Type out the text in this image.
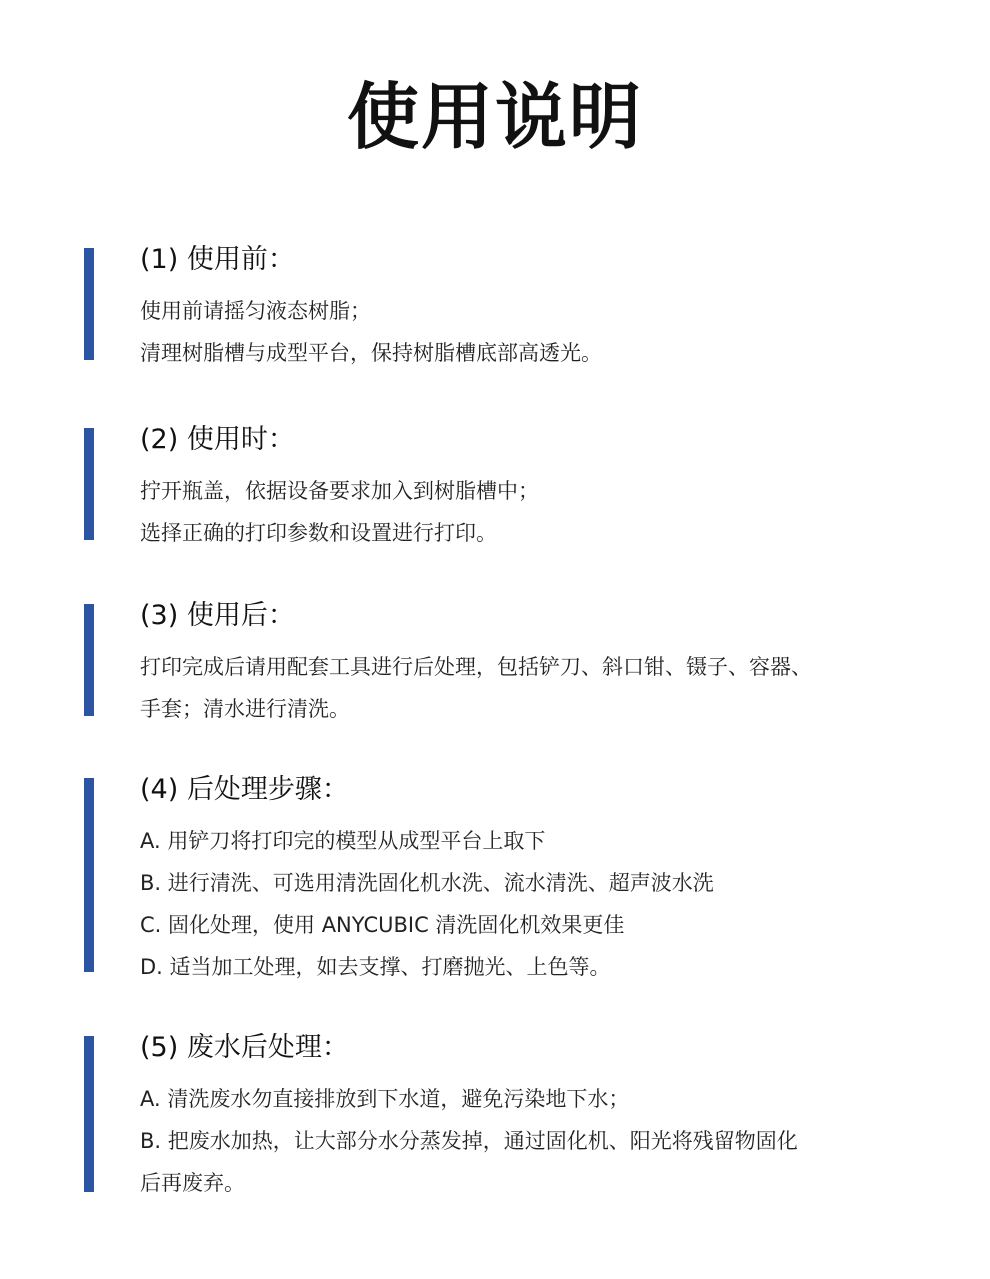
使用说明
(1) 使用前：
使用前请摇匀液态树脂；
清理树脂槽与成型平台，保持树脂槽底部高透光。
(2) 使用时：
拧开瓶盖，依据设备要求加入到树脂槽中；
选择正确的打印参数和设置进行打印。
(3) 使用后：
打印完成后请用配套工具进行后处理，包括铲刀、斜口钳、镊子、容器、
手套；清水进行清洗。
(4) 后处理步骤：
A. 用铲刀将打印完的模型从成型平台上取下
B. 进行清洗、可选用清洗固化机水洗、流水清洗、超声波水洗
C. 固化处理，使用 ANYCUBIC 清洗固化机效果更佳
D. 适当加工处理，如去支撑、打磨抛光、上色等。
(5) 废水后处理：
A. 清洗废水勿直接排放到下水道，避免污染地下水；
B. 把废水加热，让大部分水分蒸发掉，通过固化机、阳光将残留物固化
后再废弃。
